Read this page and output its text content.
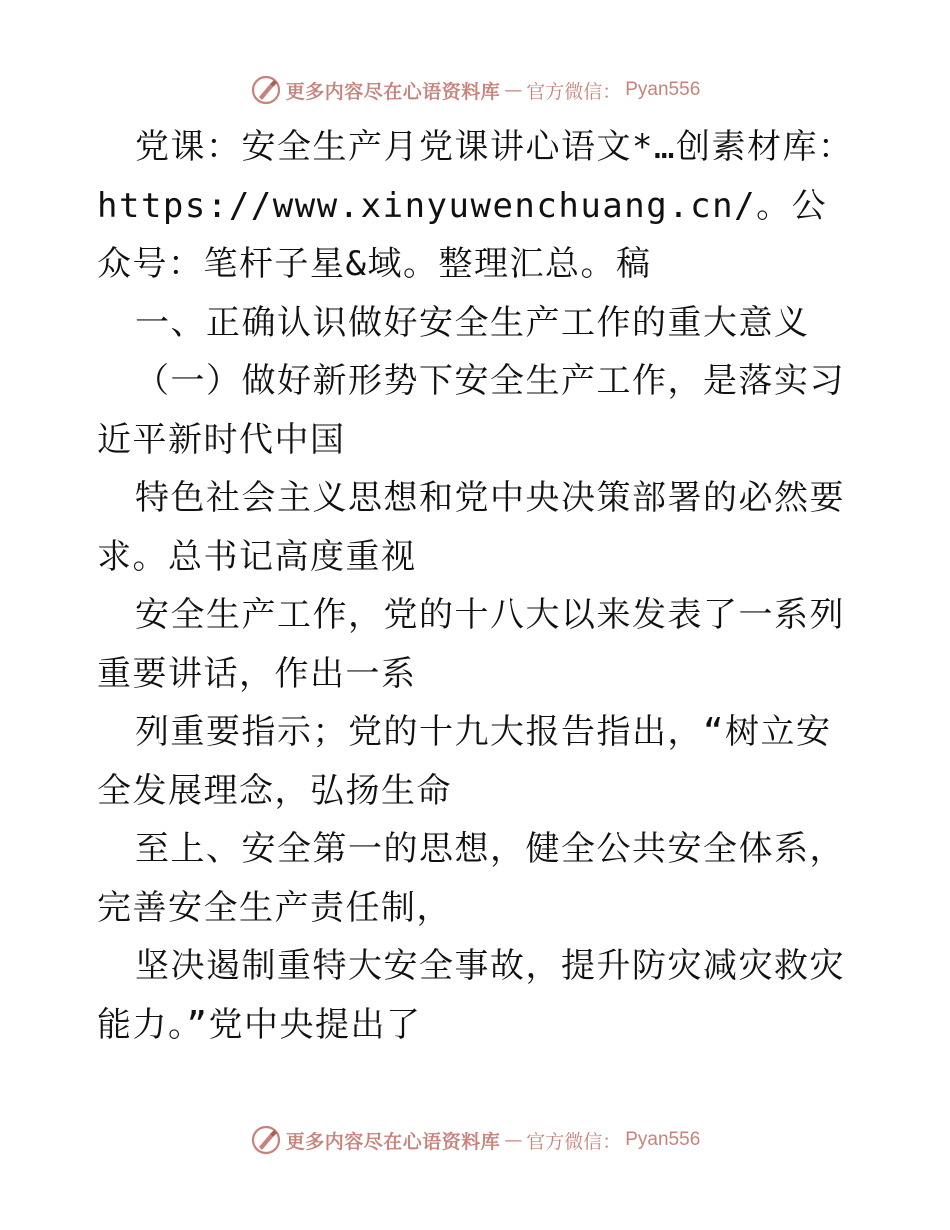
更多内容尽在心语资料库 — 官方微信： Pyan556

党课：安全生产月党课讲心语文*…创素材库：https://www.xinyuwenchuang.cn/。公众号：笔杆子星&域。整理汇总。稿

一、正确认识做好安全生产工作的重大意义

（一）做好新形势下安全生产工作，是落实习近平新时代中国

特色社会主义思想和党中央决策部署的必然要求。总书记高度重视

安全生产工作，党的十八大以来发表了一系列重要讲话，作出一系

列重要指示；党的十九大报告指出，“树立安全发展理念，弘扬生命

至上、安全第一的思想，健全公共安全体系，完善安全生产责任制，

坚决遏制重特大安全事故，提升防灾减灾救灾能力。”党中央提出了

更多内容尽在心语资料库 — 官方微信： Pyan556
